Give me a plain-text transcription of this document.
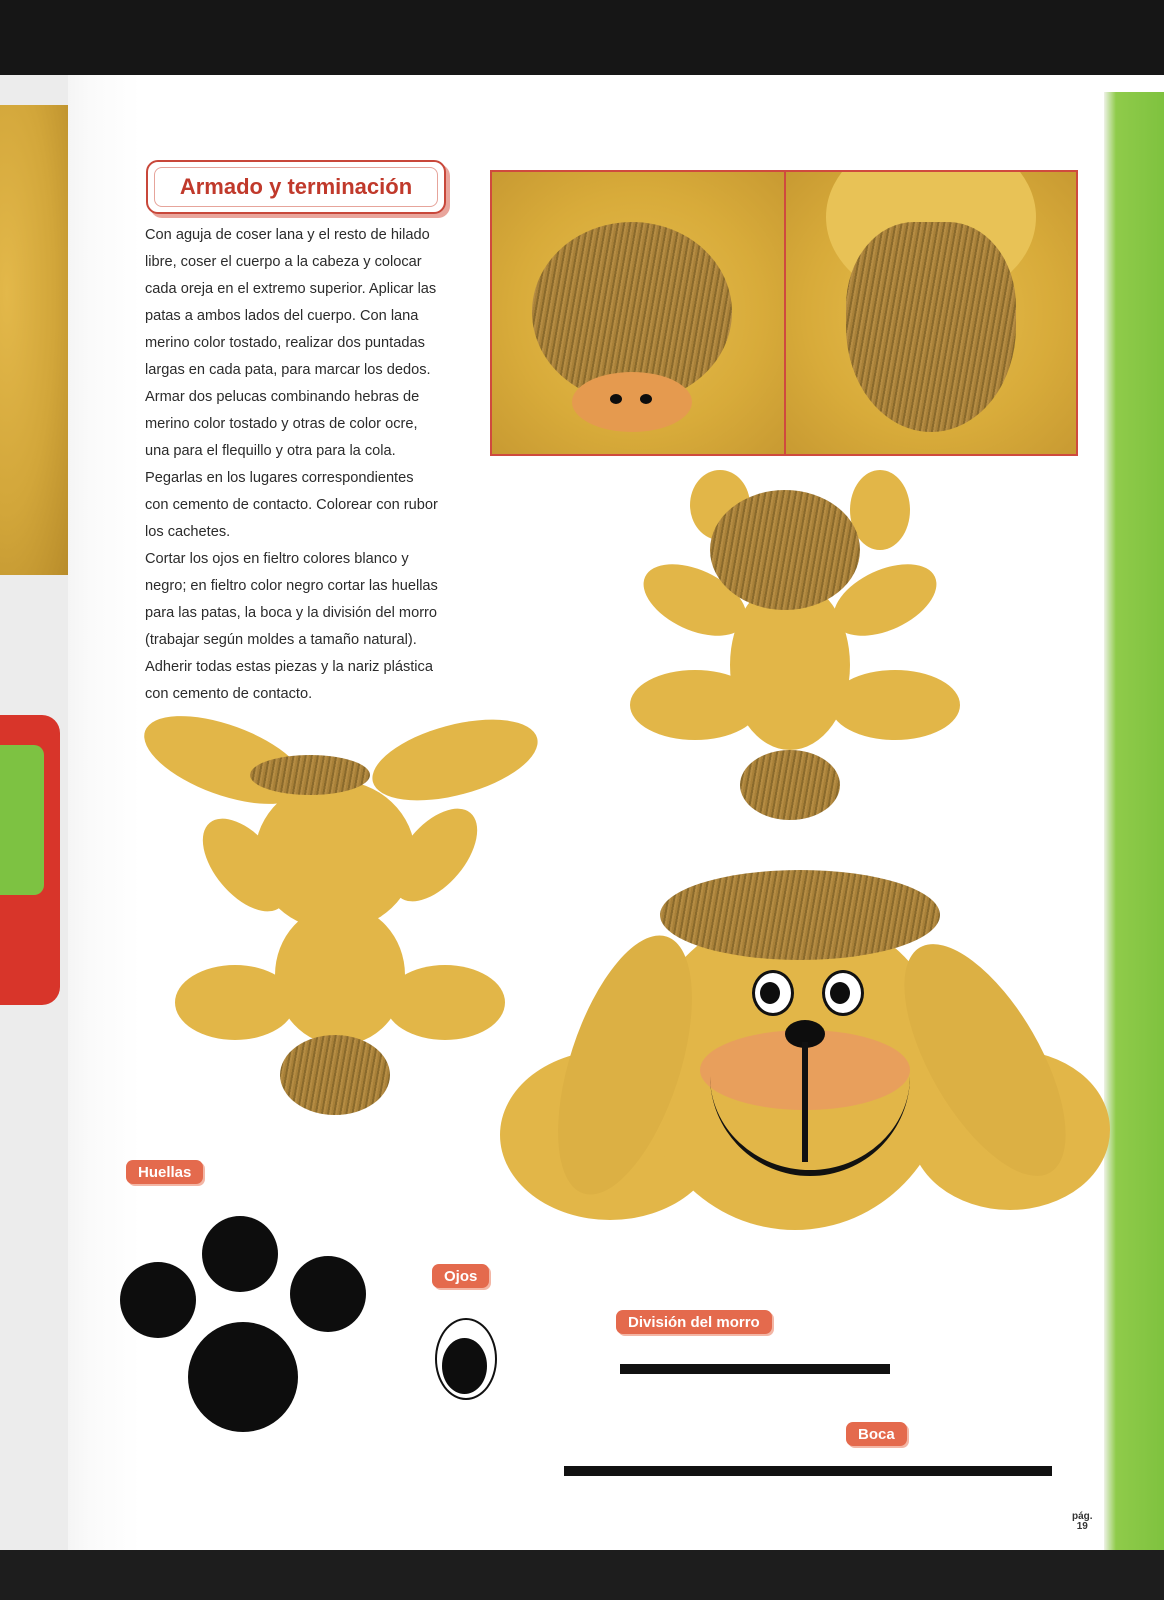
Armado y terminación

Con aguja de coser lana y el resto de hilado

libre, coser el cuerpo a la cabeza y colocar

cada oreja en el extremo superior. Aplicar las

patas a ambos lados del cuerpo. Con lana

merino color tostado, realizar dos puntadas

largas en cada pata, para marcar los dedos.

Armar dos pelucas combinando hebras de

merino color tostado y otras de color ocre,

una para el flequillo y otra para la cola.

Pegarlas en los lugares correspondientes

con cemento de contacto. Colorear con rubor

los cachetes.

Cortar los ojos en fieltro colores blanco y

negro; en fieltro color negro cortar las huellas

para las patas, la boca y la división del morro

(trabajar según moldes a tamaño natural).

Adherir todas estas piezas y la nariz plástica

con cemento de contacto.

Huellas
Ojos
División del morro
Boca
pág.
19
